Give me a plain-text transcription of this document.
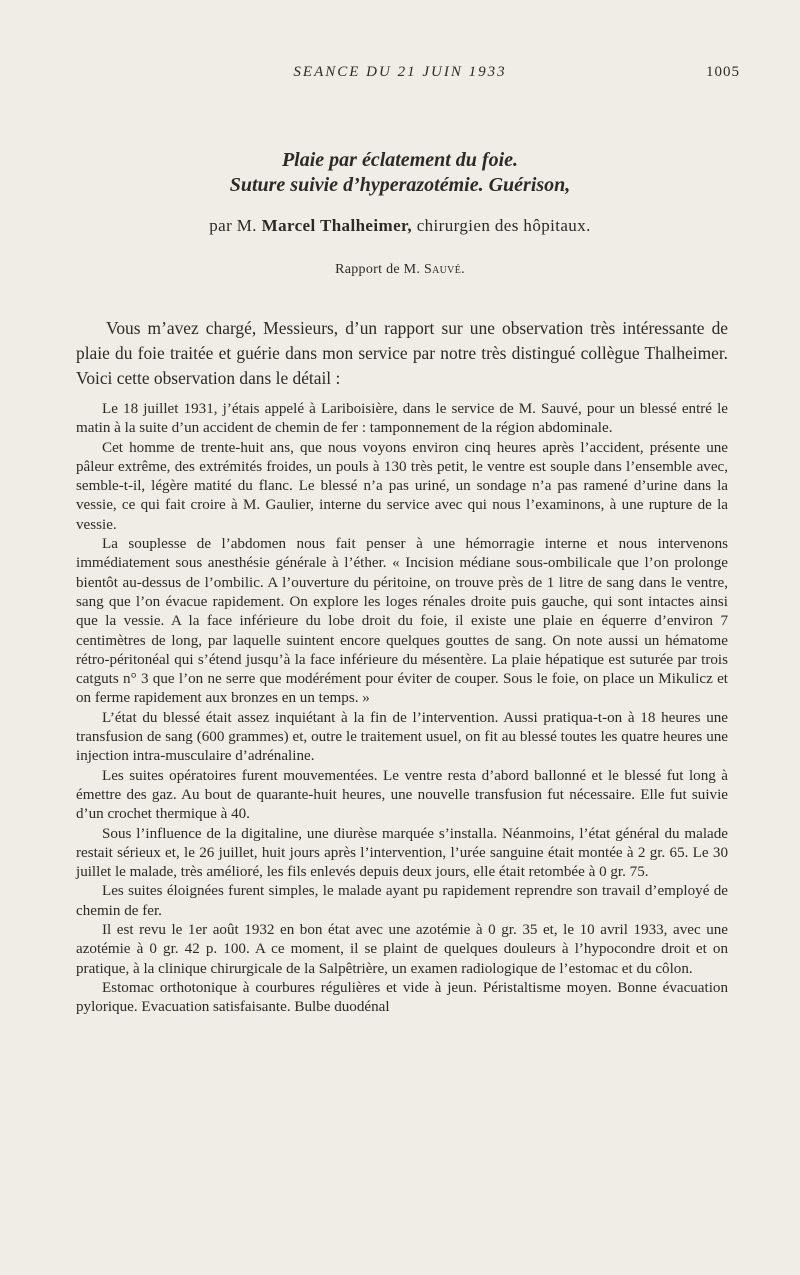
SEANCE DU 21 JUIN 1933	1005
Plaie par éclatement du foie.
Suture suivie d’hyperazotémie. Guérison,
par M. Marcel Thalheimer, chirurgien des hôpitaux.
Rapport de M. Sauvé.

Vous m’avez chargé, Messieurs, d’un rapport sur une observation très intéressante de plaie du foie traitée et guérie dans mon service par notre très distingué collègue Thalheimer. Voici cette observation dans le détail :

Le 18 juillet 1931, j’étais appelé à Lariboisière, dans le service de M. Sauvé, pour un blessé entré le matin à la suite d’un accident de chemin de fer : tamponnement de la région abdominale.

Cet homme de trente-huit ans, que nous voyons environ cinq heures après l’accident, présente une pâleur extrême, des extrémités froides, un pouls à 130 très petit, le ventre est souple dans l’ensemble avec, semble-t-il, légère matité du flanc. Le blessé n’a pas uriné, un sondage n’a pas ramené d’urine dans la vessie, ce qui fait croire à M. Gaulier, interne du service avec qui nous l’examinons, à une rupture de la vessie.

La souplesse de l’abdomen nous fait penser à une hémorragie interne et nous intervenons immédiatement sous anesthésie générale à l’éther. « Incision médiane sous-ombilicale que l’on prolonge bientôt au-dessus de l’ombilic. A l’ouverture du péritoine, on trouve près de 1 litre de sang dans le ventre, sang que l’on évacue rapidement. On explore les loges rénales droite puis gauche, qui sont intactes ainsi que la vessie. A la face inférieure du lobe droit du foie, il existe une plaie en équerre d’environ 7 centimètres de long, par laquelle suintent encore quelques gouttes de sang. On note aussi un hématome rétro-péritonéal qui s’étend jusqu’à la face inférieure du mésentère. La plaie hépatique est suturée par trois catguts n° 3 que l’on ne serre que modérément pour éviter de couper. Sous le foie, on place un Mikulicz et on ferme rapidement aux bronzes en un temps. »

L’état du blessé était assez inquiétant à la fin de l’intervention. Aussi pratiqua-t-on à 18 heures une transfusion de sang (600 grammes) et, outre le traitement usuel, on fit au blessé toutes les quatre heures une injection intra-musculaire d’adrénaline.

Les suites opératoires furent mouvementées. Le ventre resta d’abord ballonné et le blessé fut long à émettre des gaz. Au bout de quarante-huit heures, une nouvelle transfusion fut nécessaire. Elle fut suivie d’un crochet thermique à 40.

Sous l’influence de la digitaline, une diurèse marquée s’installa. Néanmoins, l’état général du malade restait sérieux et, le 26 juillet, huit jours après l’intervention, l’urée sanguine était montée à 2 gr. 65. Le 30 juillet le malade, très amélioré, les fils enlevés depuis deux jours, elle était retombée à 0 gr. 75.

Les suites éloignées furent simples, le malade ayant pu rapidement reprendre son travail d’employé de chemin de fer.

Il est revu le 1er août 1932 en bon état avec une azotémie à 0 gr. 35 et, le 10 avril 1933, avec une azotémie à 0 gr. 42 p. 100. A ce moment, il se plaint de quelques douleurs à l’hypocondre droit et on pratique, à la clinique chirurgicale de la Salpêtrière, un examen radiologique de l’estomac et du côlon.

Estomac orthotonique à courbures régulières et vide à jeun. Péristaltisme moyen. Bonne évacuation pylorique. Evacuation satisfaisante. Bulbe duodénal
